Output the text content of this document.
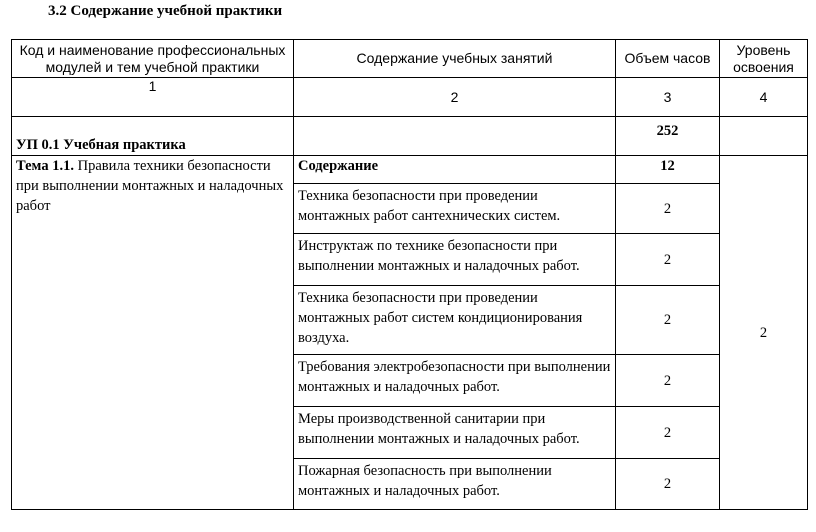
3.2 Содержание учебной практики
Код и наименование профессиональных модулей и тем учебной практики	Содержание учебных занятий	Объем часов	Уровень освоения
1	2	3	4
УП 0.1 Учебная практика		252	
Тема 1.1. Правила техники безопасности при выполнении монтажных и наладочных работ	Содержание	12	2
	Техника безопасности при проведении монтажных работ сантехнических систем.	2	
	Инструктаж по технике безопасности при выполнении монтажных и наладочных работ.	2	
	Техника безопасности при проведении монтажных работ систем кондиционирования воздуха.	2	
	Требования электробезопасности при выполнении монтажных и наладочных работ.	2	
	Меры производственной санитарии при выполнении монтажных и наладочных работ.	2	
	Пожарная безопасность при выполнении монтажных и наладочных работ.	2	
